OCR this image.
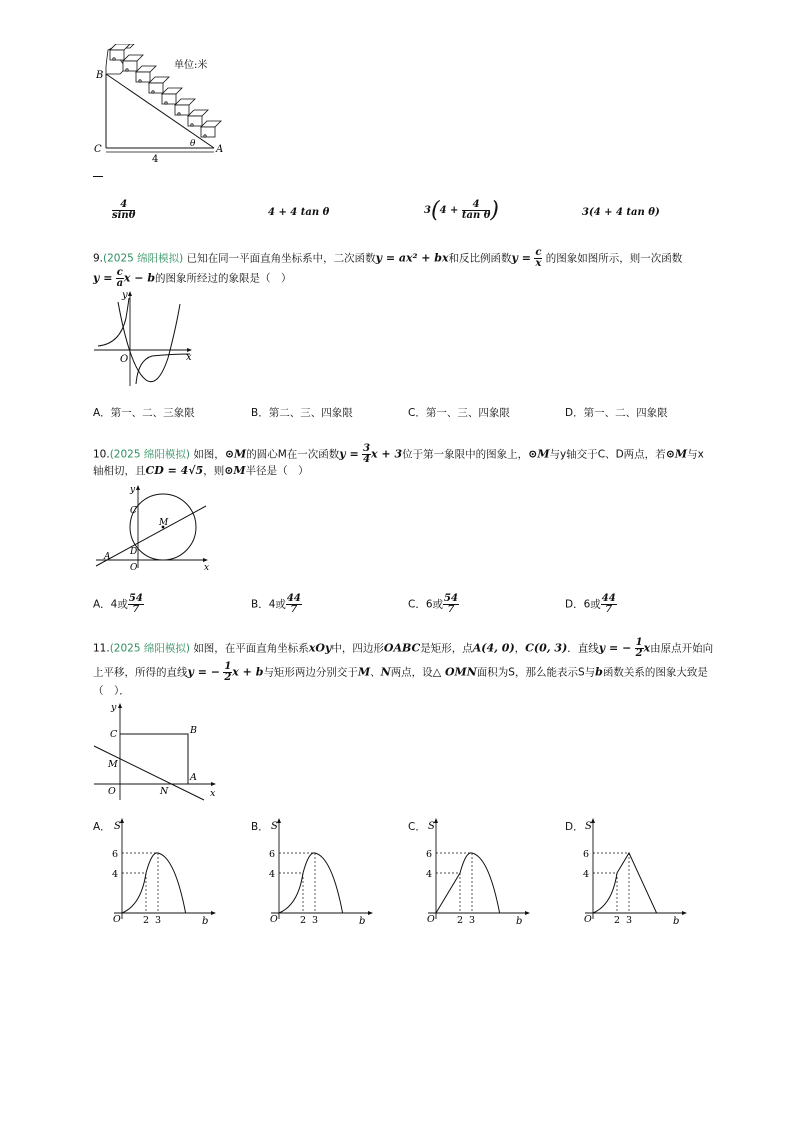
单位:米
B
C	A
θ
4
$\frac{4}{\sin\theta}$	4 + 4 tan θ	$3(4 + \frac{4}{\text{tan θ}}$ )	3(4 + 4 tan θ)
9.(2025 绵阳模拟) 已知在同一平面直角坐标系中，二次函数y = ax² + bx和反比例函数$y = \frac{c}{x}$ 的图象如图所示，则一次函数
$y = \frac{c}{a}$ x − b的图象所经过的象限是（　）
y
x
O
A．第一、二、三象限	B．第二、三、四象限	C．第一、三、四象限	D．第一、二、四象限
10.(2025 绵阳模拟) 如图，⊙M的圆心M在一次函数$y = \frac{3}{4}$ x + 3位于第一象限中的图象上，⊙M与y轴交于C、D两点，若⊙M与x
轴相切，且CD = 4√5，则⊙M半径是（　）
y
x
O
C
M
A D
A．4或 $\frac{54}{7}$	B．4或 $\frac{44}{7}$	C．6或 $\frac{54}{7}$	D．6或 $\frac{44}{7}$
11.(2025 绵阳模拟) 如图，在平面直角坐标系xOy中，四边形OABC是矩形，点A(4, 0)，C(0, 3)．直线y = − $\frac{1}{2}$ x由原点开始向
上平移，所得的直线y = − $\frac{1}{2}$ x + b与矩形两边分别交于M、N两点，设△ OMN面积为S，那么能表示S与b函数关系的图象大致是
（　）．
y
x
O
C	B
M
A
N
A．	B．	C．	D．
S
6
4
O 2 3	b
S
6
4
O 2 3	b
S
6
4
O 2 3	b
S
6
4
O 2 3	b
